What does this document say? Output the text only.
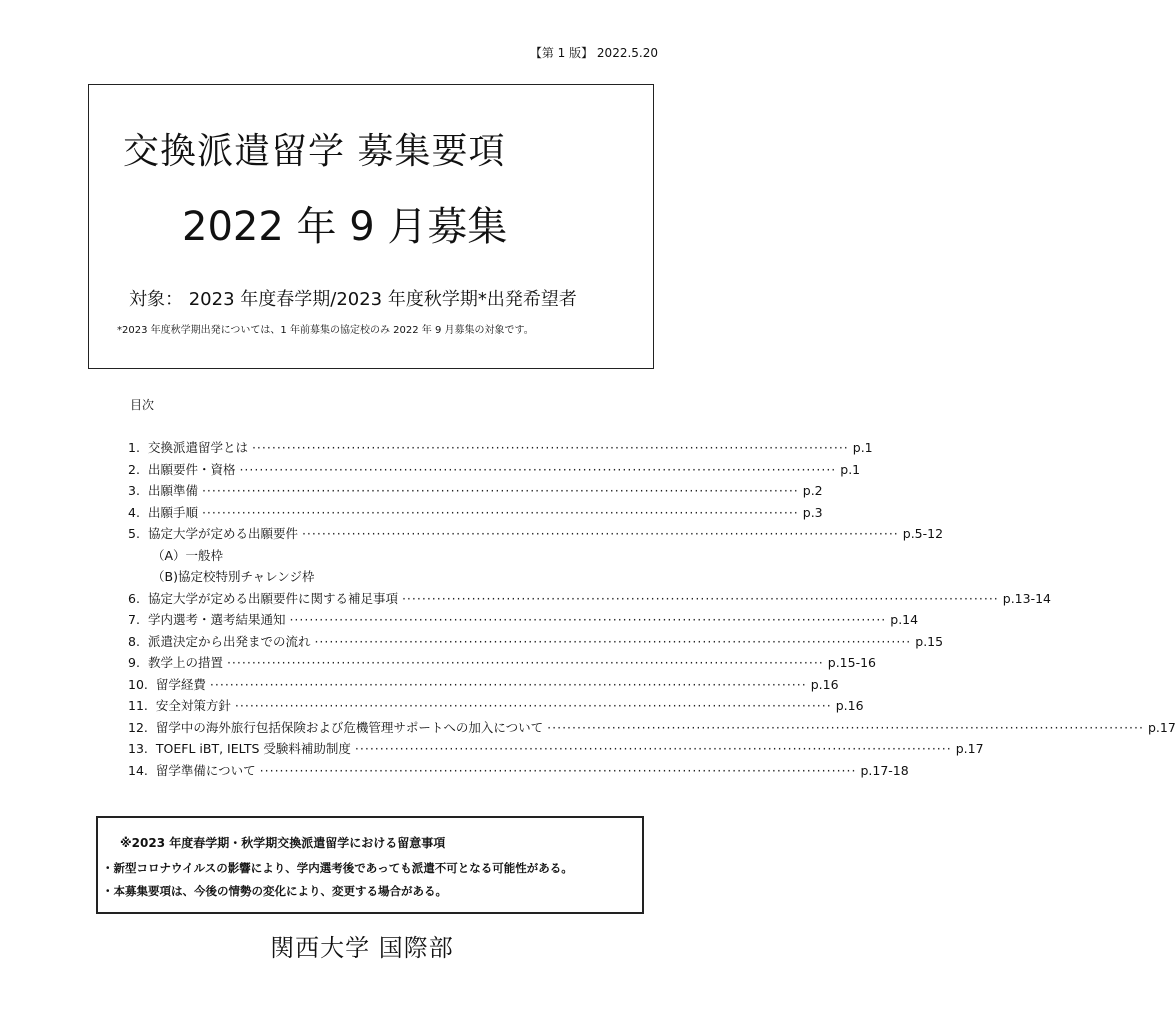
【第 1 版】 2022.5.20
交換派遣留学 募集要項
2022 年 9 月募集
対象： 2023 年度春学期/2023 年度秋学期*出発希望者
*2023 年度秋学期出発については、1 年前募集の協定校のみ 2022 年 9 月募集の対象です。
目次
1. 交換派遣留学とは ························································································································ p.1
2. 出願要件・資格 ························································································································ p.1
3. 出願準備 ························································································································ p.2
4. 出願手順 ························································································································ p.3
5. 協定大学が定める出願要件 ························································································································ p.5-12
（A）一般枠
（B)協定校特別チャレンジ枠
6. 協定大学が定める出願要件に関する補足事項 ························································································································ p.13-14
7. 学内選考・選考結果通知 ························································································································ p.14
8. 派遣決定から出発までの流れ ························································································································ p.15
9. 教学上の措置 ························································································································ p.15-16
10. 留学経費 ························································································································ p.16
11. 安全対策方針 ························································································································ p.16
12. 留学中の海外旅行包括保険および危機管理サポートへの加入について ························································································································ p.17
13. TOEFL iBT, IELTS 受験料補助制度 ························································································································ p.17
14. 留学準備について ························································································································ p.17-18
※2023 年度春学期・秋学期交換派遣留学における留意事項
・新型コロナウイルスの影響により、学内選考後であっても派遣不可となる可能性がある。
・本募集要項は、今後の情勢の変化により、変更する場合がある。
関西大学 国際部
